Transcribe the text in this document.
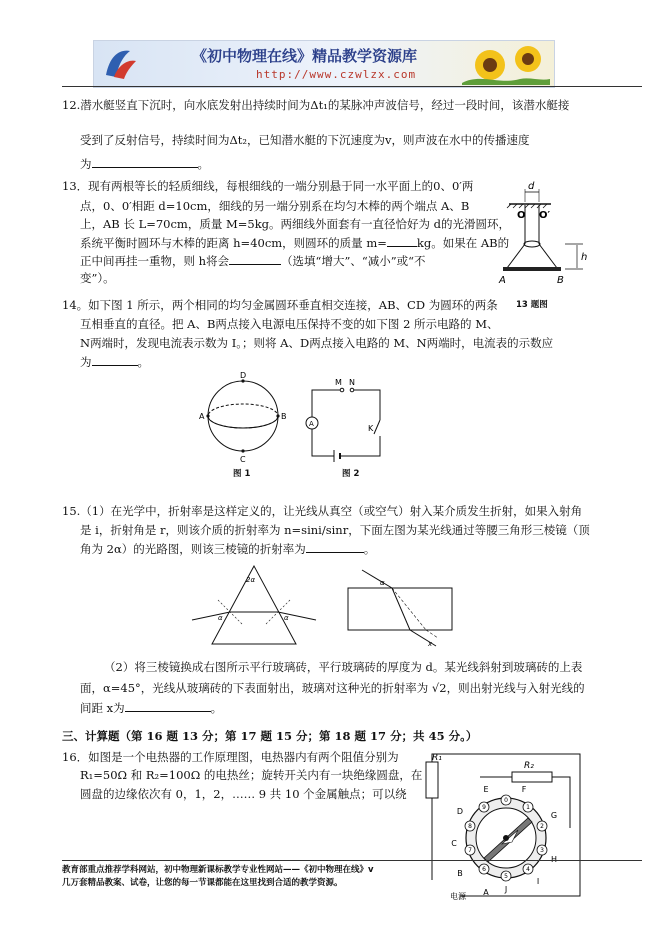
《初中物理在线》精品教学资源库
http://www.czwlzx.com
12.潜水艇竖直下沉时，向水底发射出持续时间为Δt₁的某脉冲声波信号，经过一段时间，该潜水艇接
受到了反射信号，持续时间为Δt₂，已知潜水艇的下沉速度为v，则声波在水中的传播速度
为	。
13．现有两根等长的轻质细线，每根细线的一端分别悬于同一水平面上的0、0′两
点，0、0′相距 d=10cm，细线的另一端分别系在均匀木棒的两个端点 A、B
上，AB 长 L=70cm，质量 M=5kg。两细线外面套有一直径恰好为 d的光滑圆环，
系统平衡时圆环与木棒的距离 h=40cm，则圆环的质量 m=	kg。如果在 AB的
正中间再挂一重物，则 h将会	（选填“增大”、“减小”或“不
变”）。
d
O O′
h
A	B
13 题图
14。如下图 1 所示，两个相同的均匀金属圆环垂直相交连接，AB、CD 为圆环的两条
互相垂直的直径。把 A、B两点接入电源电压保持不变的如下图 2 所示电路的 M、
N两端时，发现电流表示数为 I。；则将 A、D两点接入电路的 M、N两端时，电流表的示数应
为	。
D
C
A	B
图 1
M N
A	K
图 2
15.（1）在光学中，折射率是这样定义的，让光线从真空（或空气）射入某介质发生折射，如果入射角
是 i，折射角是 r，则该介质的折射率为 n=sini/sinr，下面左图为某光线通过等腰三角形三棱镜（顶
角为 2α）的光路图，则该三棱镜的折射率为	。
2α
α	α
α
x
（2）将三棱镜换成右图所示平行玻璃砖，平行玻璃砖的厚度为 d。某光线斜射到玻璃砖的上表
面，α=45°，光线从玻璃砖的下表面射出，玻璃对这种光的折射率为 √2，则出射光线与入射光线的
间距 x为	。
三、计算题（第 16 题 13 分；第 17 题 15 分；第 18 题 17 分；共 45 分。）
16．如图是一个电热器的工作原理图，电热器内有两个阻值分别为
R₁=50Ω 和 R₂=100Ω 的电热丝；旋转开关内有一块绝缘圆盘，在
圆盘的边缘依次有 0，1，2，…… 9 共 10 个金属触点；可以绕
R₁
R₂
0
1
2
3
4
5
6
7
8
9
A
B
C
D
E	F
G
H
I
J
电源
教育部重点推荐学科网站，初中物理新课标教学专业性网站——《初中物理在线》v
几万套精品教案、试卷，让您的每一节课都能在这里找到合适的教学资源。
